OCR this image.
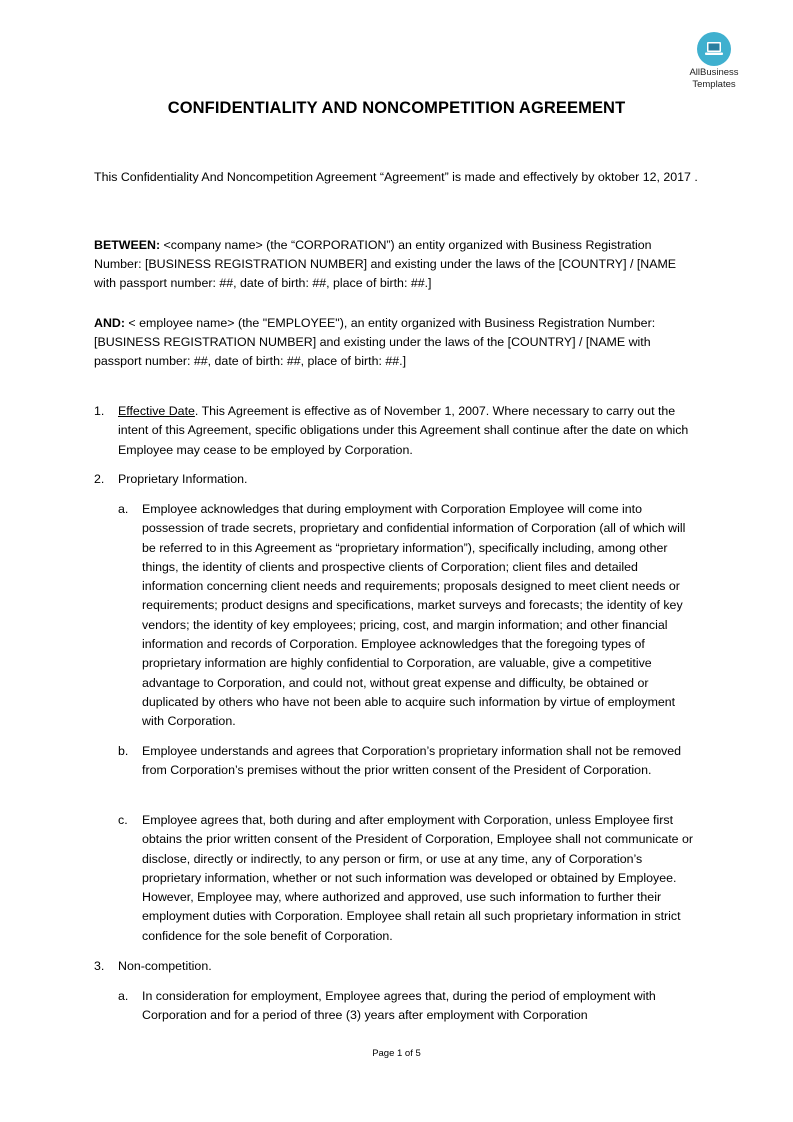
AllBusiness
Templates
CONFIDENTIALITY AND NONCOMPETITION AGREEMENT

This Confidentiality And Noncompetition Agreement “Agreement” is made and effectively by oktober 12, 2017 .

BETWEEN: <company name> (the “CORPORATION”) an entity organized with Business Registration Number: [BUSINESS REGISTRATION NUMBER] and existing under the laws of the [COUNTRY] / [NAME with passport number: ##, date of birth: ##, place of birth: ##.]

AND: < employee name> (the "EMPLOYEE"), an entity organized with Business Registration Number: [BUSINESS REGISTRATION NUMBER] and existing under the laws of the [COUNTRY] / [NAME with passport number: ##, date of birth: ##, place of birth: ##.]

1. Effective Date. This Agreement is effective as of November 1, 2007. Where necessary to carry out the intent of this Agreement, specific obligations under this Agreement shall continue after the date on which Employee may cease to be employed by Corporation.
2. Proprietary Information.
a. Employee acknowledges that during employment with Corporation Employee will come into possession of trade secrets, proprietary and confidential information of Corporation (all of which will be referred to in this Agreement as “proprietary information”), specifically including, among other things, the identity of clients and prospective clients of Corporation; client files and detailed information concerning client needs and requirements; proposals designed to meet client needs or requirements; product designs and specifications, market surveys and forecasts; the identity of key vendors; the identity of key employees; pricing, cost, and margin information; and other financial information and records of Corporation. Employee acknowledges that the foregoing types of proprietary information are highly confidential to Corporation, are valuable, give a competitive advantage to Corporation, and could not, without great expense and difficulty, be obtained or duplicated by others who have not been able to acquire such information by virtue of employment with Corporation.
b. Employee understands and agrees that Corporation’s proprietary information shall not be removed from Corporation’s premises without the prior written consent of the President of Corporation.
c. Employee agrees that, both during and after employment with Corporation, unless Employee first obtains the prior written consent of the President of Corporation, Employee shall not communicate or disclose, directly or indirectly, to any person or firm, or use at any time, any of Corporation’s proprietary information, whether or not such information was developed or obtained by Employee. However, Employee may, where authorized and approved, use such information to further their employment duties with Corporation. Employee shall retain all such proprietary information in strict confidence for the sole benefit of Corporation.
3. Non-competition.
a. In consideration for employment, Employee agrees that, during the period of employment with Corporation and for a period of three (3) years after employment with Corporation
Page 1 of 5
